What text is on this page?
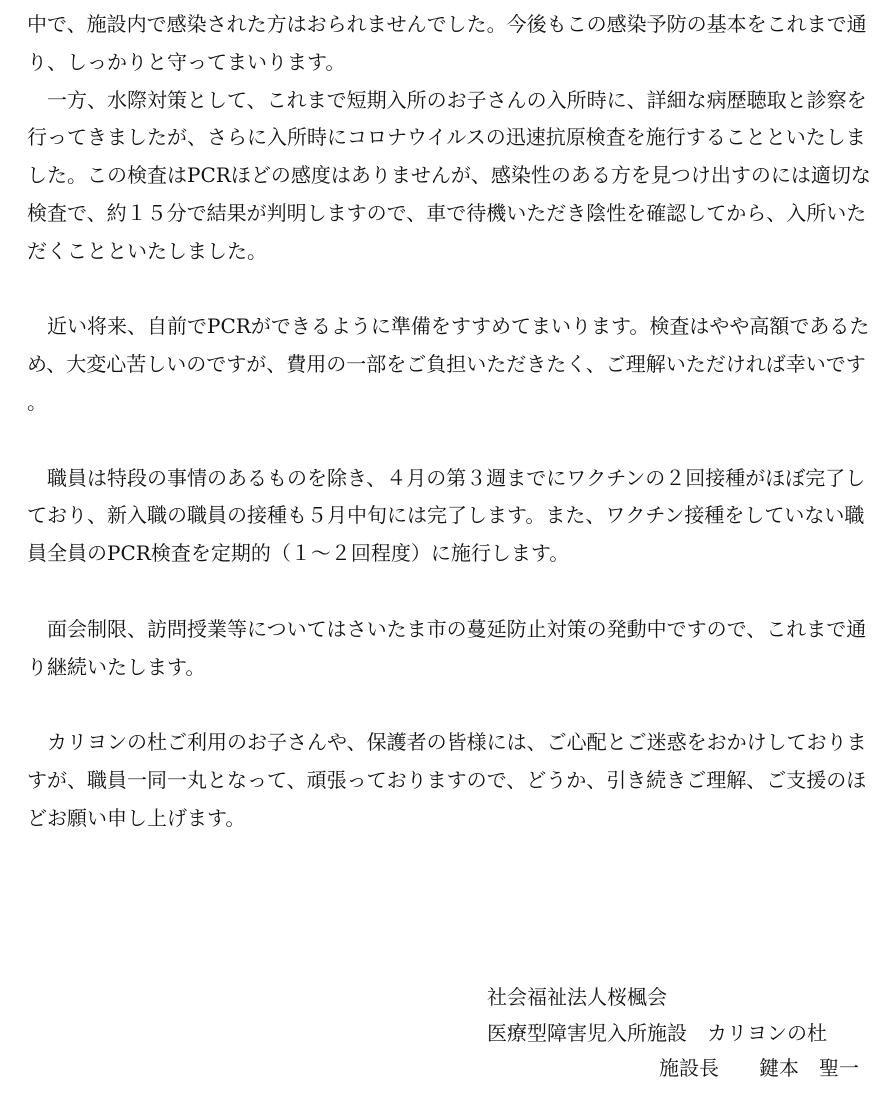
中で、施設内で感染された方はおられませんでした。今後もこの感染予防の基本をこれまで通り、しっかりと守ってまいります。

一方、水際対策として、これまで短期入所のお子さんの入所時に、詳細な病歴聴取と診察を行ってきましたが、さらに入所時にコロナウイルスの迅速抗原検査を施行することといたしました。この検査はPCRほどの感度はありませんが、感染性のある方を見つけ出すのには適切な検査で、約１５分で結果が判明しますので、車で待機いただき陰性を確認してから、入所いただくことといたしました。

近い将来、自前でPCRができるように準備をすすめてまいります。検査はやや高額であるため、大変心苦しいのですが、費用の一部をご負担いただきたく、ご理解いただければ幸いです。

職員は特段の事情のあるものを除き、４月の第３週までにワクチンの２回接種がほぼ完了しており、新入職の職員の接種も５月中旬には完了します。また、ワクチン接種をしていない職員全員のPCR検査を定期的（１～２回程度）に施行します。

面会制限、訪問授業等についてはさいたま市の蔓延防止対策の発動中ですので、これまで通り継続いたします。

カリヨンの杜ご利用のお子さんや、保護者の皆様には、ご心配とご迷惑をおかけしておりますが、職員一同一丸となって、頑張っておりますので、どうか、引き続きご理解、ご支援のほどお願い申し上げます。

社会福祉法人桜楓会

医療型障害児入所施設　カリヨンの杜

施設長　　鍵本　聖一
